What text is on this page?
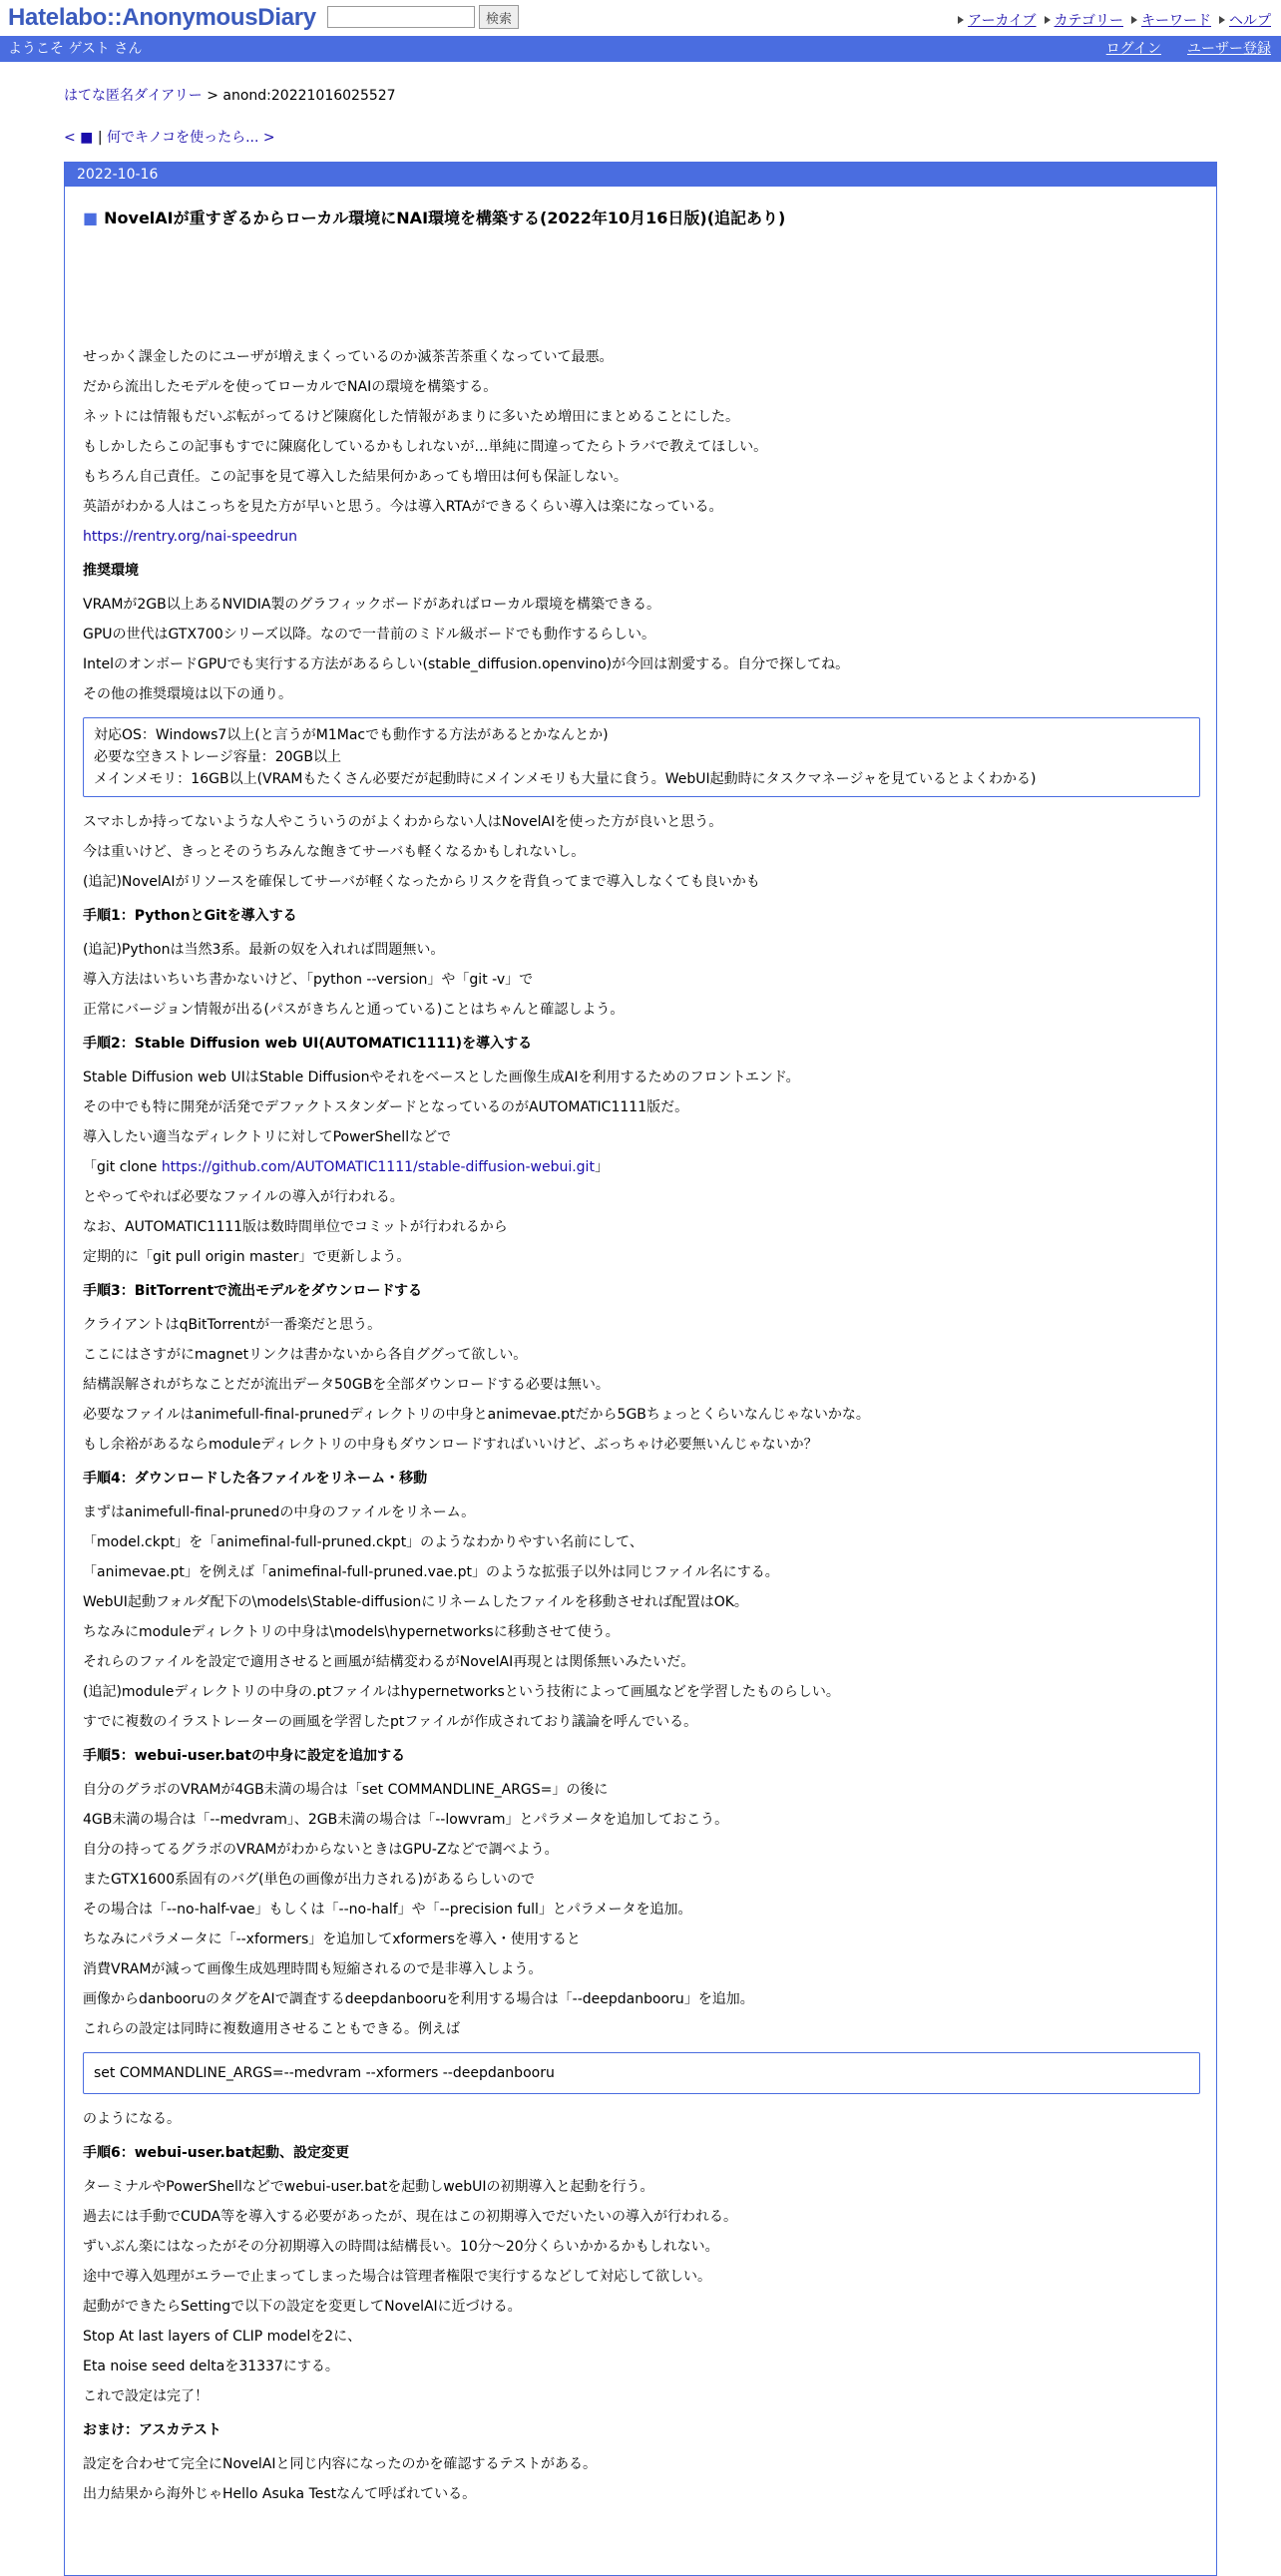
Hatelabo::AnonymousDiary	検索	アーカイブ カテゴリー キーワード ヘルプ
ようこそ ゲスト さん	ログイン ユーザー登録
はてな匿名ダイアリー > anond:20221016025527
< ■ | 何でキノコを使ったら... >
2022-10-16
■ NovelAIが重すぎるからローカル環境にNAI環境を構築する(2022年10月16日版)(追記あり)

せっかく課金したのにユーザが増えまくっているのか滅茶苦茶重くなっていて最悪。

だから流出したモデルを使ってローカルでNAIの環境を構築する。

ネットには情報もだいぶ転がってるけど陳腐化した情報があまりに多いため増田にまとめることにした。

もしかしたらこの記事もすでに陳腐化しているかもしれないが…単純に間違ってたらトラバで教えてほしい。

もちろん自己責任。この記事を見て導入した結果何かあっても増田は何も保証しない。

英語がわかる人はこっちを見た方が早いと思う。今は導入RTAができるくらい導入は楽になっている。

https://rentry.org/nai-speedrun

推奨環境

VRAMが2GB以上あるNVIDIA製のグラフィックボードがあればローカル環境を構築できる。

GPUの世代はGTX700シリーズ以降。なので一昔前のミドル級ボードでも動作するらしい。

IntelのオンボードGPUでも実行する方法があるらしい(stable_diffusion.openvino)が今回は割愛する。自分で探してね。

その他の推奨環境は以下の通り。

対応OS：Windows7以上(と言うがM1Macでも動作する方法があるとかなんとか)
必要な空きストレージ容量：20GB以上
メインメモリ：16GB以上(VRAMもたくさん必要だが起動時にメインメモリも大量に食う。WebUI起動時にタスクマネージャを見ているとよくわかる)

スマホしか持ってないような人やこういうのがよくわからない人はNovelAIを使った方が良いと思う。

今は重いけど、きっとそのうちみんな飽きてサーバも軽くなるかもしれないし。

(追記)NovelAIがリソースを確保してサーバが軽くなったからリスクを背負ってまで導入しなくても良いかも

手順1：PythonとGitを導入する

(追記)Pythonは当然3系。最新の奴を入れれば問題無い。

導入方法はいちいち書かないけど、「python --version」や「git -v」で

正常にバージョン情報が出る(パスがきちんと通っている)ことはちゃんと確認しよう。

手順2：Stable Diffusion web UI(AUTOMATIC1111)を導入する

Stable Diffusion web UIはStable Diffusionやそれをベースとした画像生成AIを利用するためのフロントエンド。

その中でも特に開発が活発でデファクトスタンダードとなっているのがAUTOMATIC1111版だ。

導入したい適当なディレクトリに対してPowerShellなどで

「git clone https://github.com/AUTOMATIC1111/stable-diffusion-webui.git」

とやってやれば必要なファイルの導入が行われる。

なお、AUTOMATIC1111版は数時間単位でコミットが行われるから

定期的に「git pull origin master」で更新しよう。

手順3：BitTorrentで流出モデルをダウンロードする

クライアントはqBitTorrentが一番楽だと思う。

ここにはさすがにmagnetリンクは書かないから各自ググって欲しい。

結構誤解されがちなことだが流出データ50GBを全部ダウンロードする必要は無い。

必要なファイルはanimefull-final-prunedディレクトリの中身とanimevae.ptだから5GBちょっとくらいなんじゃないかな。

もし余裕があるならmoduleディレクトリの中身もダウンロードすればいいけど、ぶっちゃけ必要無いんじゃないか？

手順4：ダウンロードした各ファイルをリネーム・移動

まずはanimefull-final-prunedの中身のファイルをリネーム。

「model.ckpt」を「animefinal-full-pruned.ckpt」のようなわかりやすい名前にして、

「animevae.pt」を例えば「animefinal-full-pruned.vae.pt」のような拡張子以外は同じファイル名にする。

WebUI起動フォルダ配下の\models\Stable-diffusionにリネームしたファイルを移動させれば配置はOK。

ちなみにmoduleディレクトリの中身は\models\hypernetworksに移動させて使う。

それらのファイルを設定で適用させると画風が結構変わるがNovelAI再現とは関係無いみたいだ。

(追記)moduleディレクトリの中身の.ptファイルはhypernetworksという技術によって画風などを学習したものらしい。

すでに複数のイラストレーターの画風を学習したptファイルが作成されており議論を呼んでいる。

手順5：webui-user.batの中身に設定を追加する

自分のグラボのVRAMが4GB未満の場合は「set COMMANDLINE_ARGS=」の後に

4GB未満の場合は「--medvram」、2GB未満の場合は「--lowvram」とパラメータを追加しておこう。

自分の持ってるグラボのVRAMがわからないときはGPU-Zなどで調べよう。

またGTX1600系固有のバグ(単色の画像が出力される)があるらしいので

その場合は「--no-half-vae」もしくは「--no-half」や「--precision full」とパラメータを追加。

ちなみにパラメータに「--xformers」を追加してxformersを導入・使用すると

消費VRAMが減って画像生成処理時間も短縮されるので是非導入しよう。

画像からdanbooruのタグをAIで調査するdeepdanbooruを利用する場合は「--deepdanbooru」を追加。

これらの設定は同時に複数適用させることもできる。例えば

set COMMANDLINE_ARGS=--medvram --xformers --deepdanbooru

のようになる。

手順6：webui-user.bat起動、設定変更

ターミナルやPowerShellなどでwebui-user.batを起動しwebUIの初期導入と起動を行う。

過去には手動でCUDA等を導入する必要があったが、現在はこの初期導入でだいたいの導入が行われる。

ずいぶん楽にはなったがその分初期導入の時間は結構長い。10分～20分くらいかかるかもしれない。

途中で導入処理がエラーで止まってしまった場合は管理者権限で実行するなどして対応して欲しい。

起動ができたらSettingで以下の設定を変更してNovelAIに近づける。

Stop At last layers of CLIP modelを2に、

Eta noise seed deltaを31337にする。

これで設定は完了！

おまけ：アスカテスト

設定を合わせて完全にNovelAIと同じ内容になったのかを確認するテストがある。

出力結果から海外じゃHello Asuka Testなんて呼ばれている。
